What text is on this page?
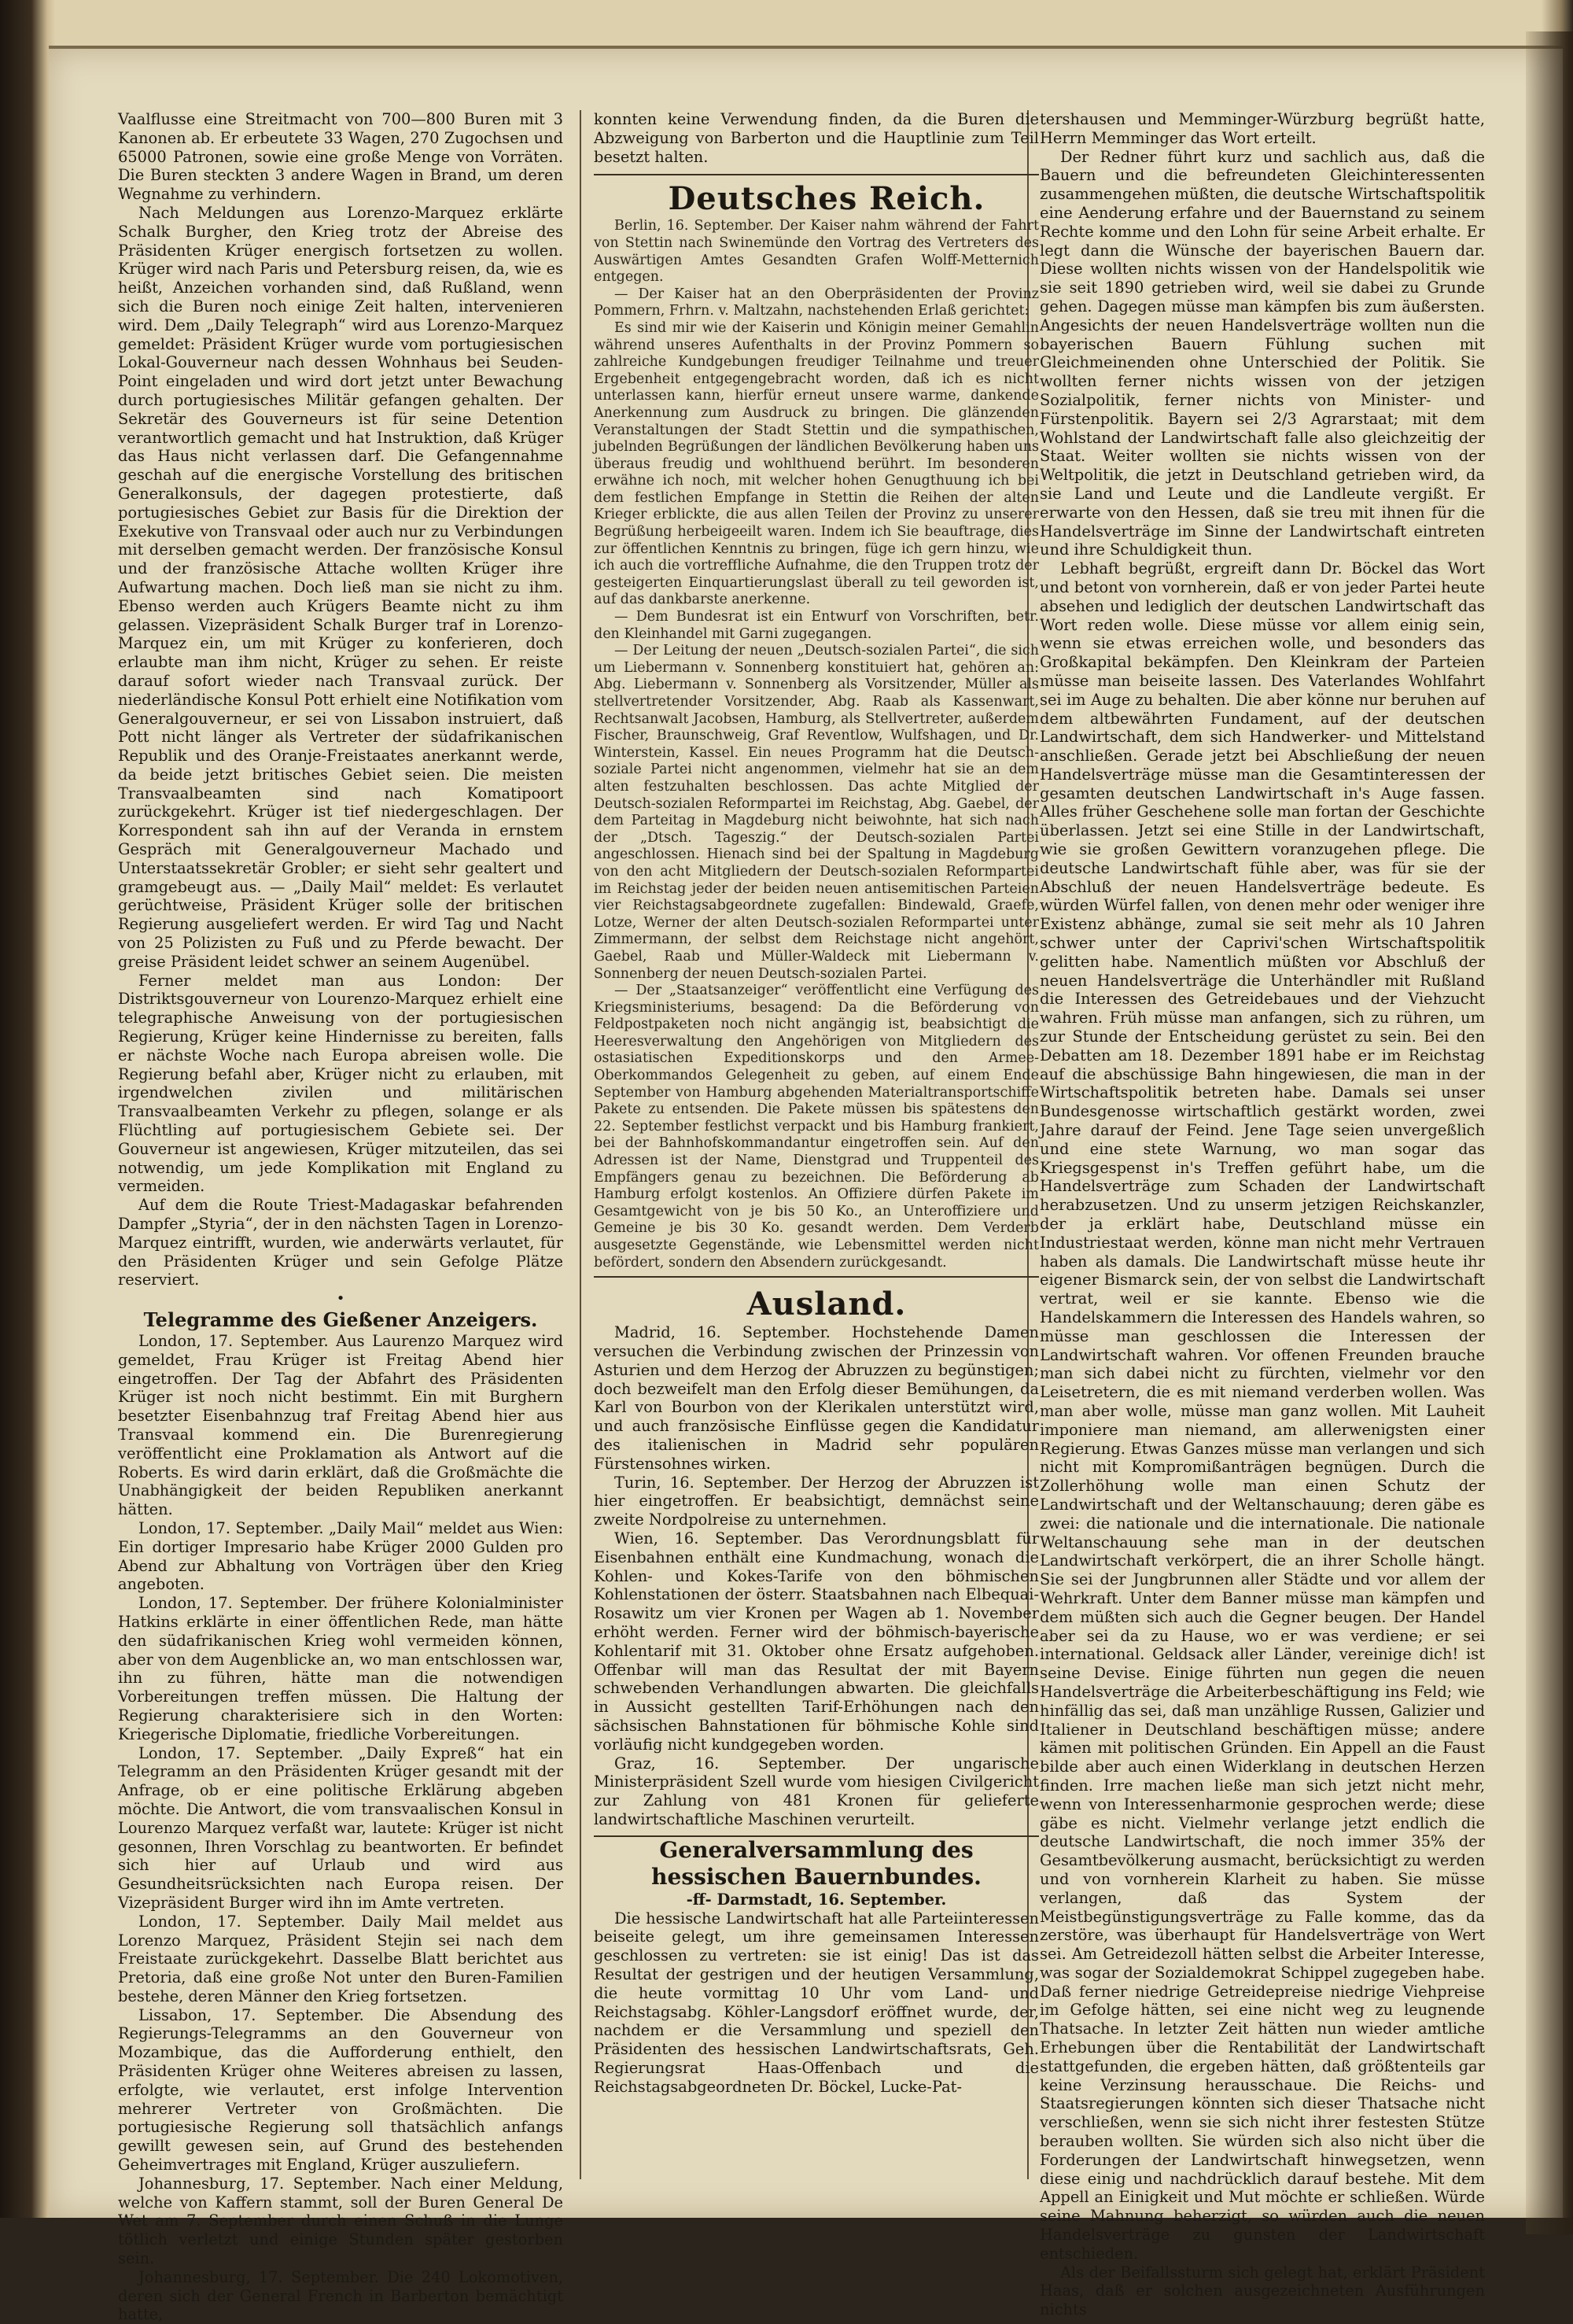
Vaalflusse eine Streitmacht von 700—800 Buren mit 3 Kanonen ab. Er erbeutete 33 Wagen, 270 Zugochsen und 65000 Patronen, sowie eine große Menge von Vorräten. Die Buren steckten 3 andere Wagen in Brand, um deren Wegnahme zu verhindern.

Nach Meldungen aus Lorenzo-Marquez erklärte Schalk Burgher, den Krieg trotz der Abreise des Präsidenten Krüger energisch fortsetzen zu wollen. Krüger wird nach Paris und Petersburg reisen, da, wie es heißt, Anzeichen vorhanden sind, daß Rußland, wenn sich die Buren noch einige Zeit halten, intervenieren wird. Dem „Daily Telegraph“ wird aus Lorenzo-Marquez gemeldet: Präsident Krüger wurde vom portugiesischen Lokal-Gouverneur nach dessen Wohnhaus bei Seuden-Point eingeladen und wird dort jetzt unter Bewachung durch portugiesisches Militär gefangen gehalten. Der Sekretär des Gouverneurs ist für seine Detention verantwortlich gemacht und hat Instruktion, daß Krüger das Haus nicht verlassen darf. Die Gefangennahme geschah auf die energische Vorstellung des britischen Generalkonsuls, der dagegen protestierte, daß portugiesisches Gebiet zur Basis für die Direktion der Exekutive von Transvaal oder auch nur zu Verbindungen mit derselben gemacht werden. Der französische Konsul und der französische Attache wollten Krüger ihre Aufwartung machen. Doch ließ man sie nicht zu ihm. Ebenso werden auch Krügers Beamte nicht zu ihm gelassen. Vizepräsident Schalk Burger traf in Lorenzo-Marquez ein, um mit Krüger zu konferieren, doch erlaubte man ihm nicht, Krüger zu sehen. Er reiste darauf sofort wieder nach Transvaal zurück. Der niederländische Konsul Pott erhielt eine Notifikation vom Generalgouverneur, er sei von Lissabon instruiert, daß Pott nicht länger als Vertreter der südafrikanischen Republik und des Oranje-Freistaates anerkannt werde, da beide jetzt britisches Gebiet seien. Die meisten Transvaalbeamten sind nach Komatipoort zurückgekehrt. Krüger ist tief niedergeschlagen. Der Korrespondent sah ihn auf der Veranda in ernstem Gespräch mit Generalgouverneur Machado und Unterstaatssekretär Grobler; er sieht sehr gealtert und gramgebeugt aus. — „Daily Mail“ meldet: Es verlautet gerüchtweise, Präsident Krüger solle der britischen Regierung ausgeliefert werden. Er wird Tag und Nacht von 25 Polizisten zu Fuß und zu Pferde bewacht. Der greise Präsident leidet schwer an seinem Augenübel.

Ferner meldet man aus London: Der Distriktsgouverneur von Lourenzo-Marquez erhielt eine telegraphische Anweisung von der portugiesischen Regierung, Krüger keine Hindernisse zu bereiten, falls er nächste Woche nach Europa abreisen wolle. Die Regierung befahl aber, Krüger nicht zu erlauben, mit irgendwelchen zivilen und militärischen Transvaalbeamten Verkehr zu pflegen, solange er als Flüchtling auf portugiesischem Gebiete sei. Der Gouverneur ist angewiesen, Krüger mitzuteilen, das sei notwendig, um jede Komplikation mit England zu vermeiden.

Auf dem die Route Triest-Madagaskar befahrenden Dampfer „Styria“, der in den nächsten Tagen in Lorenzo-Marquez eintrifft, wurden, wie anderwärts verlautet, für den Präsidenten Krüger und sein Gefolge Plätze reserviert.

•

Telegramme des Gießener Anzeigers.

London, 17. September. Aus Laurenzo Marquez wird gemeldet, Frau Krüger ist Freitag Abend hier eingetroffen. Der Tag der Abfahrt des Präsidenten Krüger ist noch nicht bestimmt. Ein mit Burghern besetzter Eisenbahnzug traf Freitag Abend hier aus Transvaal kommend ein. Die Burenregierung veröffentlicht eine Proklamation als Antwort auf die Roberts. Es wird darin erklärt, daß die Großmächte die Unabhängigkeit der beiden Republiken anerkannt hätten.

London, 17. September. „Daily Mail“ meldet aus Wien: Ein dortiger Impresario habe Krüger 2000 Gulden pro Abend zur Abhaltung von Vorträgen über den Krieg angeboten.

London, 17. September. Der frühere Kolonialminister Hatkins erklärte in einer öffentlichen Rede, man hätte den südafrikanischen Krieg wohl vermeiden können, aber von dem Augenblicke an, wo man entschlossen war, ihn zu führen, hätte man die notwendigen Vorbereitungen treffen müssen. Die Haltung der Regierung charakterisiere sich in den Worten: Kriegerische Diplomatie, friedliche Vorbereitungen.

London, 17. September. „Daily Expreß“ hat ein Telegramm an den Präsidenten Krüger gesandt mit der Anfrage, ob er eine politische Erklärung abgeben möchte. Die Antwort, die vom transvaalischen Konsul in Lourenzo Marquez verfaßt war, lautete: Krüger ist nicht gesonnen, Ihren Vorschlag zu beantworten. Er befindet sich hier auf Urlaub und wird aus Gesundheitsrücksichten nach Europa reisen. Der Vizepräsident Burger wird ihn im Amte vertreten.

London, 17. September. Daily Mail meldet aus Lorenzo Marquez, Präsident Stejin sei nach dem Freistaate zurückgekehrt. Dasselbe Blatt berichtet aus Pretoria, daß eine große Not unter den Buren-Familien bestehe, deren Männer den Krieg fortsetzen.

Lissabon, 17. September. Die Absendung des Regierungs-Telegramms an den Gouverneur von Mozambique, das die Aufforderung enthielt, den Präsidenten Krüger ohne Weiteres abreisen zu lassen, erfolgte, wie verlautet, erst infolge Intervention mehrerer Vertreter von Großmächten. Die portugiesische Regierung soll thatsächlich anfangs gewillt gewesen sein, auf Grund des bestehenden Geheimvertrages mit England, Krüger auszuliefern.

Johannesburg, 17. September. Nach einer Meldung, welche von Kaffern stammt, soll der Buren General De Wet am 7. September durch einen Schuß in die Lunge tötlich verletzt und einige Stunden später gestorben sein.

Johannesburg, 17. September. Die 240 Lokomotiven, deren sich der General French in Barberton bemächtigt hatte,

konnten keine Verwendung finden, da die Buren die Abzweigung von Barberton und die Hauptlinie zum Teil besetzt halten.

Deutsches Reich.

Berlin, 16. September. Der Kaiser nahm während der Fahrt von Stettin nach Swinemünde den Vortrag des Vertreters des Auswärtigen Amtes Gesandten Grafen Wolff-Metternich entgegen.

— Der Kaiser hat an den Oberpräsidenten der Provinz Pommern, Frhrn. v. Maltzahn, nachstehenden Erlaß gerichtet:

Es sind mir wie der Kaiserin und Königin meiner Gemahlin während unseres Aufenthalts in der Provinz Pommern so zahlreiche Kundgebungen freudiger Teilnahme und treuer Ergebenheit entgegengebracht worden, daß ich es nicht unterlassen kann, hierfür erneut unsere warme, dankende Anerkennung zum Ausdruck zu bringen. Die glänzenden Veranstaltungen der Stadt Stettin und die sympathischen, jubelnden Begrüßungen der ländlichen Bevölkerung haben uns überaus freudig und wohlthuend berührt. Im besonderen erwähne ich noch, mit welcher hohen Genugthuung ich bei dem festlichen Empfange in Stettin die Reihen der alten Krieger erblickte, die aus allen Teilen der Provinz zu unserer Begrüßung herbeigeeilt waren. Indem ich Sie beauftrage, dies zur öffentlichen Kenntnis zu bringen, füge ich gern hinzu, wie ich auch die vortreffliche Aufnahme, die den Truppen trotz der gesteigerten Einquartierungslast überall zu teil geworden ist, auf das dankbarste anerkenne.

— Dem Bundesrat ist ein Entwurf von Vorschriften, betr. den Kleinhandel mit Garni zugegangen.

— Der Leitung der neuen „Deutsch-sozialen Partei“, die sich um Liebermann v. Sonnenberg konstituiert hat, gehören an: Abg. Liebermann v. Sonnenberg als Vorsitzender, Müller als stellvertretender Vorsitzender, Abg. Raab als Kassenwart, Rechtsanwalt Jacobsen, Hamburg, als Stellvertreter, außerdem Fischer, Braunschweig, Graf Reventlow, Wulfshagen, und Dr. Winterstein, Kassel. Ein neues Programm hat die Deutsch-soziale Partei nicht angenommen, vielmehr hat sie an dem alten festzuhalten beschlossen. Das achte Mitglied der Deutsch-sozialen Reformpartei im Reichstag, Abg. Gaebel, der dem Parteitag in Magdeburg nicht beiwohnte, hat sich nach der „Dtsch. Tageszig.“ der Deutsch-sozialen Partei angeschlossen. Hienach sind bei der Spaltung in Magdeburg von den acht Mitgliedern der Deutsch-sozialen Reformpartei im Reichstag jeder der beiden neuen antisemitischen Parteien vier Reichstagsabgeordnete zugefallen: Bindewald, Graefe, Lotze, Werner der alten Deutsch-sozialen Reformpartei unter Zimmermann, der selbst dem Reichstage nicht angehört, Gaebel, Raab und Müller-Waldeck mit Liebermann v. Sonnenberg der neuen Deutsch-sozialen Partei.

— Der „Staatsanzeiger“ veröffentlicht eine Verfügung des Kriegsministeriums, besagend: Da die Beförderung von Feldpostpaketen noch nicht angängig ist, beabsichtigt die Heeresverwaltung den Angehörigen von Mitgliedern des ostasiatischen Expeditionskorps und den Armee-Oberkommandos Gelegenheit zu geben, auf einem Ende September von Hamburg abgehenden Materialtransportschiffe Pakete zu entsenden. Die Pakete müssen bis spätestens den 22. September festlichst verpackt und bis Hamburg frankiert, bei der Bahnhofskommandantur eingetroffen sein. Auf den Adressen ist der Name, Dienstgrad und Truppenteil des Empfängers genau zu bezeichnen. Die Beförderung ab Hamburg erfolgt kostenlos. An Offiziere dürfen Pakete im Gesamtgewicht von je bis 50 Ko., an Unteroffiziere und Gemeine je bis 30 Ko. gesandt werden. Dem Verderb ausgesetzte Gegenstände, wie Lebensmittel werden nicht befördert, sondern den Absendern zurückgesandt.

Ausland.

Madrid, 16. September. Hochstehende Damen versuchen die Verbindung zwischen der Prinzessin von Asturien und dem Herzog der Abruzzen zu begünstigen; doch bezweifelt man den Erfolg dieser Bemühungen, da Karl von Bourbon von der Klerikalen unterstützt wird, und auch französische Einflüsse gegen die Kandidatur des italienischen in Madrid sehr populären Fürstensohnes wirken.

Turin, 16. September. Der Herzog der Abruzzen ist hier eingetroffen. Er beabsichtigt, demnächst seine zweite Nordpolreise zu unternehmen.

Wien, 16. September. Das Verordnungsblatt für Eisenbahnen enthält eine Kundmachung, wonach die Kohlen- und Kokes-Tarife von den böhmischen Kohlenstationen der österr. Staatsbahnen nach Elbequai-Rosawitz um vier Kronen per Wagen ab 1. November erhöht werden. Ferner wird der böhmisch-bayerische Kohlentarif mit 31. Oktober ohne Ersatz aufgehoben. Offenbar will man das Resultat der mit Bayern schwebenden Verhandlungen abwarten. Die gleichfalls in Aussicht gestellten Tarif-Erhöhungen nach den sächsischen Bahnstationen für böhmische Kohle sind vorläufig nicht kundgegeben worden.

Graz, 16. September. Der ungarische Ministerpräsident Szell wurde vom hiesigen Civilgericht zur Zahlung von 481 Kronen für gelieferte landwirtschaftliche Maschinen verurteilt.

Generalversammlung des hessischen Bauernbundes.

-ff- Darmstadt, 16. September.

Die hessische Landwirtschaft hat alle Parteiinteressen beiseite gelegt, um ihre gemeinsamen Interessen geschlossen zu vertreten: sie ist einig! Das ist das Resultat der gestrigen und der heutigen Versammlung, die heute vormittag 10 Uhr vom Land- und Reichstagsabg. Köhler-Langsdorf eröffnet wurde, der, nachdem er die Versammlung und speziell den Präsidenten des hessischen Landwirtschaftsrats, Geh. Regierungsrat Haas-Offenbach und die Reichstagsabgeordneten Dr. Böckel, Lucke-Pat-

tershausen und Memminger-Würzburg begrüßt hatte, Herrn Memminger das Wort erteilt.

Der Redner führt kurz und sachlich aus, daß die Bauern und die befreundeten Gleichinteressenten zusammengehen müßten, die deutsche Wirtschaftspolitik eine Aenderung erfahre und der Bauernstand zu seinem Rechte komme und den Lohn für seine Arbeit erhalte. Er legt dann die Wünsche der bayerischen Bauern dar. Diese wollten nichts wissen von der Handelspolitik wie sie seit 1890 getrieben wird, weil sie dabei zu Grunde gehen. Dagegen müsse man kämpfen bis zum äußersten. Angesichts der neuen Handelsverträge wollten nun die bayerischen Bauern Fühlung suchen mit Gleichmeinenden ohne Unterschied der Politik. Sie wollten ferner nichts wissen von der jetzigen Sozialpolitik, ferner nichts von Minister- und Fürstenpolitik. Bayern sei 2/3 Agrarstaat; mit dem Wohlstand der Landwirtschaft falle also gleichzeitig der Staat. Weiter wollten sie nichts wissen von der Weltpolitik, die jetzt in Deutschland getrieben wird, da sie Land und Leute und die Landleute vergißt. Er erwarte von den Hessen, daß sie treu mit ihnen für die Handelsverträge im Sinne der Landwirtschaft eintreten und ihre Schuldigkeit thun.

Lebhaft begrüßt, ergreift dann Dr. Böckel das Wort und betont von vornherein, daß er von jeder Partei heute absehen und lediglich der deutschen Landwirtschaft das Wort reden wolle. Diese müsse vor allem einig sein, wenn sie etwas erreichen wolle, und besonders das Großkapital bekämpfen. Den Kleinkram der Parteien müsse man beiseite lassen. Des Vaterlandes Wohlfahrt sei im Auge zu behalten. Die aber könne nur beruhen auf dem altbewährten Fundament, auf der deutschen Landwirtschaft, dem sich Handwerker- und Mittelstand anschließen. Gerade jetzt bei Abschließung der neuen Handelsverträge müsse man die Gesamtinteressen der gesamten deutschen Landwirtschaft in's Auge fassen. Alles früher Geschehene solle man fortan der Geschichte überlassen. Jetzt sei eine Stille in der Landwirtschaft, wie sie großen Gewittern voranzugehen pflege. Die deutsche Landwirtschaft fühle aber, was für sie der Abschluß der neuen Handelsverträge bedeute. Es würden Würfel fallen, von denen mehr oder weniger ihre Existenz abhänge, zumal sie seit mehr als 10 Jahren schwer unter der Caprivi'schen Wirtschaftspolitik gelitten habe. Namentlich müßten vor Abschluß der neuen Handelsverträge die Unterhändler mit Rußland die Interessen des Getreidebaues und der Viehzucht wahren. Früh müsse man anfangen, sich zu rühren, um zur Stunde der Entscheidung gerüstet zu sein. Bei den Debatten am 18. Dezember 1891 habe er im Reichstag auf die abschüssige Bahn hingewiesen, die man in der Wirtschaftspolitik betreten habe. Damals sei unser Bundesgenosse wirtschaftlich gestärkt worden, zwei Jahre darauf der Feind. Jene Tage seien unvergeßlich und eine stete Warnung, wo man sogar das Kriegsgespenst in's Treffen geführt habe, um die Handelsverträge zum Schaden der Landwirtschaft herabzusetzen. Und zu unserm jetzigen Reichskanzler, der ja erklärt habe, Deutschland müsse ein Industriestaat werden, könne man nicht mehr Vertrauen haben als damals. Die Landwirtschaft müsse heute ihr eigener Bismarck sein, der von selbst die Landwirtschaft vertrat, weil er sie kannte. Ebenso wie die Handelskammern die Interessen des Handels wahren, so müsse man geschlossen die Interessen der Landwirtschaft wahren. Vor offenen Freunden brauche man sich dabei nicht zu fürchten, vielmehr vor den Leisetretern, die es mit niemand verderben wollen. Was man aber wolle, müsse man ganz wollen. Mit Lauheit imponiere man niemand, am allerwenigsten einer Regierung. Etwas Ganzes müsse man verlangen und sich nicht mit Kompromißanträgen begnügen. Durch die Zollerhöhung wolle man einen Schutz der Landwirtschaft und der Weltanschauung; deren gäbe es zwei: die nationale und die internationale. Die nationale Weltanschauung sehe man in der deutschen Landwirtschaft verkörpert, die an ihrer Scholle hängt. Sie sei der Jungbrunnen aller Städte und vor allem der Wehrkraft. Unter dem Banner müsse man kämpfen und dem müßten sich auch die Gegner beugen. Der Handel aber sei da zu Hause, wo er was verdiene; er sei international. Geldsack aller Länder, vereinige dich! ist seine Devise. Einige führten nun gegen die neuen Handelsverträge die Arbeiterbeschäftigung ins Feld; wie hinfällig das sei, daß man unzählige Russen, Galizier und Italiener in Deutschland beschäftigen müsse; andere kämen mit politischen Gründen. Ein Appell an die Faust bilde aber auch einen Widerklang in deutschen Herzen finden. Irre machen ließe man sich jetzt nicht mehr, wenn von Interessenharmonie gesprochen werde; diese gäbe es nicht. Vielmehr verlange jetzt endlich die deutsche Landwirtschaft, die noch immer 35% der Gesamtbevölkerung ausmacht, berücksichtigt zu werden und von vornherein Klarheit zu haben. Sie müsse verlangen, daß das System der Meistbegünstigungsverträge zu Falle komme, das da zerstöre, was überhaupt für Handelsverträge von Wert sei. Am Getreidezoll hätten selbst die Arbeiter Interesse, was sogar der Sozialdemokrat Schippel zugegeben habe. Daß ferner niedrige Getreidepreise niedrige Viehpreise im Gefolge hätten, sei eine nicht weg zu leugnende Thatsache. In letzter Zeit hätten nun wieder amtliche Erhebungen über die Rentabilität der Landwirtschaft stattgefunden, die ergeben hätten, daß größtenteils gar keine Verzinsung herausschaue. Die Reichs- und Staatsregierungen könnten sich dieser Thatsache nicht verschließen, wenn sie sich nicht ihrer festesten Stütze berauben wollten. Sie würden sich also nicht über die Forderungen der Landwirtschaft hinwegsetzen, wenn diese einig und nachdrücklich darauf bestehe. Mit dem Appell an Einigkeit und Mut möchte er schließen. Würde seine Mahnung beherzigt, so würden auch die neuen Handelsverträge zu gunsten der Landwirtschaft entschieden.

Als der Beifallssturm sich gelegt hat, erklärt Präsident Haas, daß er solchen ausgezeichneten Ausführungen nichts
